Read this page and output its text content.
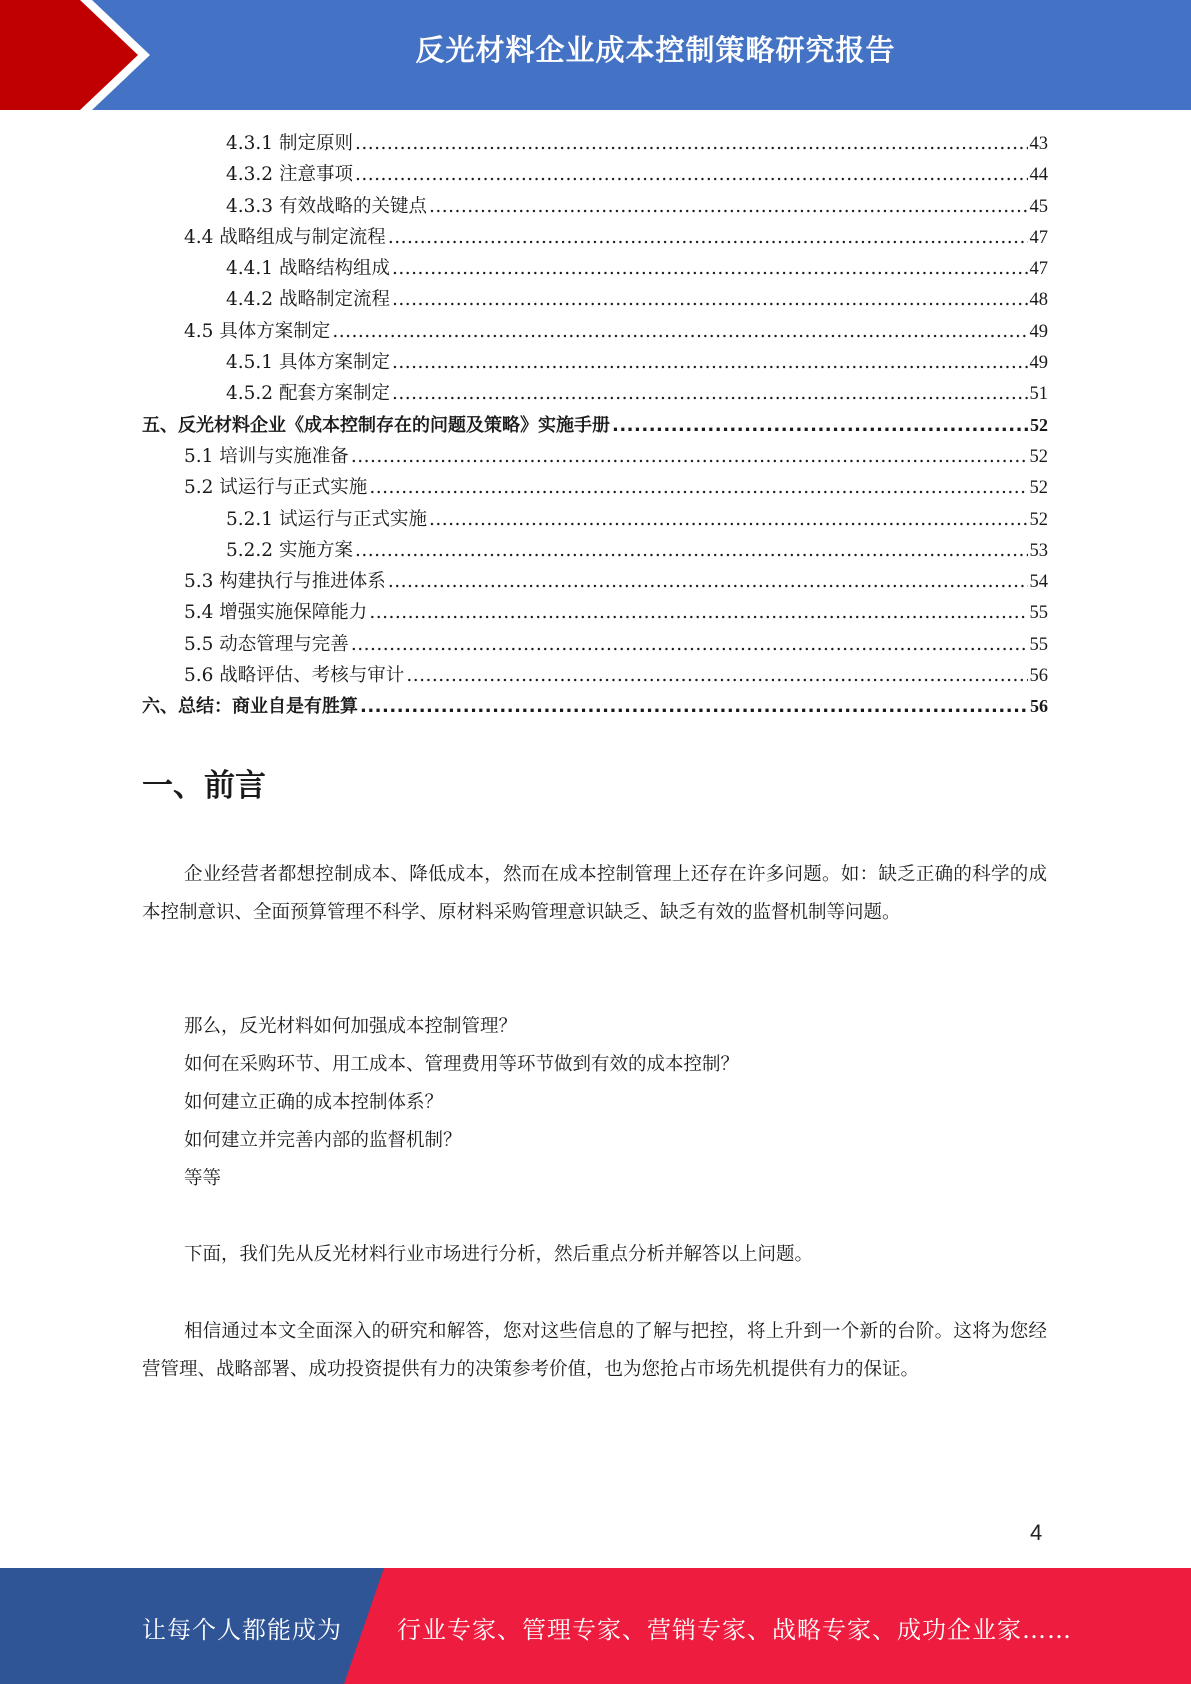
反光材料企业成本控制策略研究报告
4.3.1 制定原则 .....	43
4.3.2 注意事项 .....	44
4.3.3 有效战略的关键点 .....	45
4.4 战略组成与制定流程 .....	47
4.4.1 战略结构组成 .....	47
4.4.2 战略制定流程 .....	48
4.5 具体方案制定 .....	49
4.5.1 具体方案制定 .....	49
4.5.2 配套方案制定 .....	51
五、反光材料企业《成本控制存在的问题及策略》实施手册 .....	52
5.1 培训与实施准备 .....	52
5.2 试运行与正式实施 .....	52
5.2.1 试运行与正式实施 .....	52
5.2.2 实施方案 .....	53
5.3 构建执行与推进体系 .....	54
5.4 增强实施保障能力 .....	55
5.5 动态管理与完善 .....	55
5.6 战略评估、考核与审计 .....	56
六、总结：商业自是有胜算 .....	56
一、前言

企业经营者都想控制成本、降低成本，然而在成本控制管理上还存在许多问题。如：缺乏正确的科学的成本控制意识、全面预算管理不科学、原材料采购管理意识缺乏、缺乏有效的监督机制等问题。

那么，反光材料如何加强成本控制管理？

如何在采购环节、用工成本、管理费用等环节做到有效的成本控制？

如何建立正确的成本控制体系？

如何建立并完善内部的监督机制？

等等

下面，我们先从反光材料行业市场进行分析，然后重点分析并解答以上问题。

相信通过本文全面深入的研究和解答，您对这些信息的了解与把控，将上升到一个新的台阶。这将为您经营管理、战略部署、成功投资提供有力的决策参考价值，也为您抢占市场先机提供有力的保证。

4
让每个人都能成为 行业专家、管理专家、营销专家、战略专家、成功企业家……
